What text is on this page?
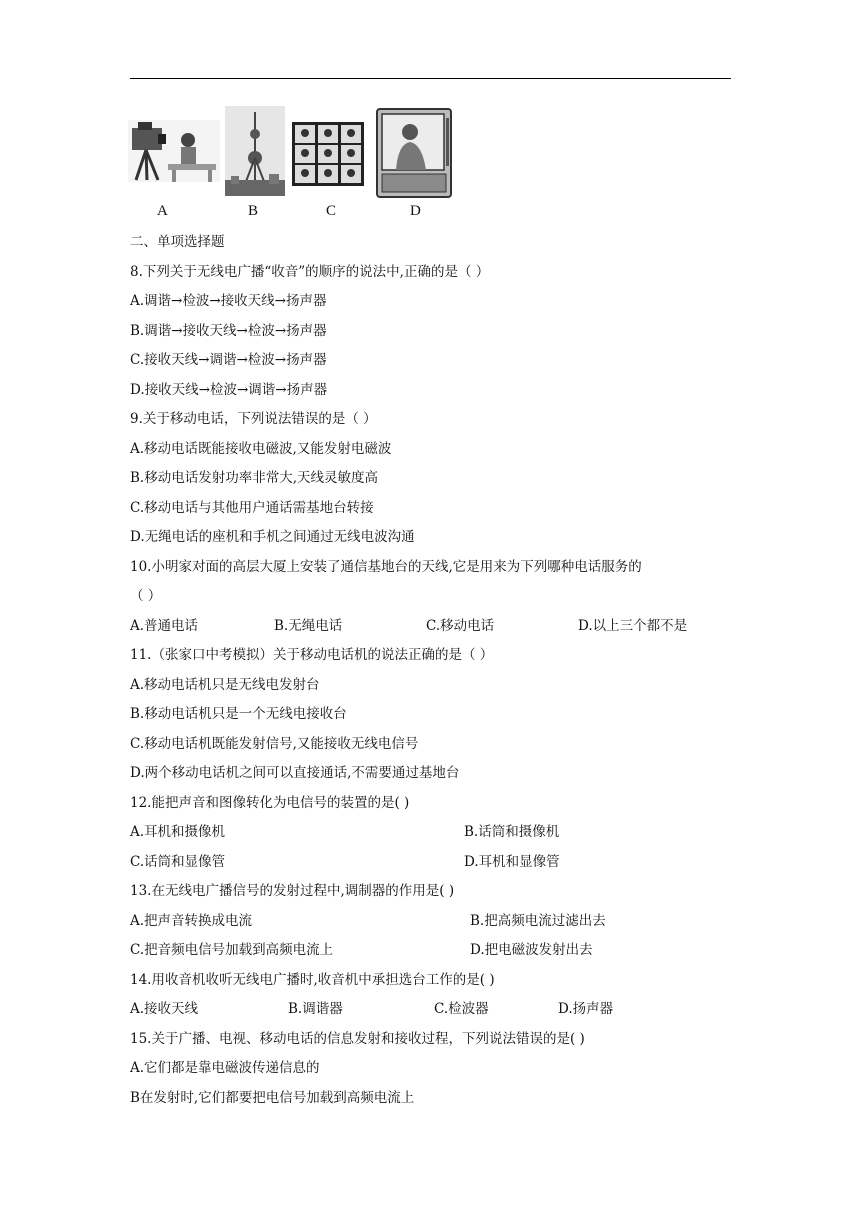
A	B	C	D
二、单项选择题
8.下列关于无线电广播“收音”的顺序的说法中,正确的是（ ）
A.调谐→检波→接收天线→扬声器
B.调谐→接收天线→检波→扬声器
C.接收天线→调谐→检波→扬声器
D.接收天线→检波→调谐→扬声器
9.关于移动电话，下列说法错误的是（ ）
A.移动电话既能接收电磁波,又能发射电磁波
B.移动电话发射功率非常大,天线灵敏度高
C.移动电话与其他用户通话需基地台转接
D.无绳电话的座机和手机之间通过无线电波沟通
10.小明家对面的高层大厦上安装了通信基地台的天线,它是用来为下列哪种电话服务的
（ ）
A.普通电话	B.无绳电话	C.移动电话	D.以上三个都不是
11.（张家口中考模拟）关于移动电话机的说法正确的是（ ）
A.移动电话机只是无线电发射台
B.移动电话机只是一个无线电接收台
C.移动电话机既能发射信号,又能接收无线电信号
D.两个移动电话机之间可以直接通话,不需要通过基地台
12.能把声音和图像转化为电信号的装置的是( )
A.耳机和摄像机	B.话筒和摄像机
C.话筒和显像管	D.耳机和显像管
13.在无线电广播信号的发射过程中,调制器的作用是( )
A.把声音转换成电流	B.把高频电流过滤出去
C.把音频电信号加载到高频电流上	D.把电磁波发射出去
14.用收音机收听无线电广播时,收音机中承担选台工作的是( )
A.接收天线	B.调谐器	C.检波器	D.扬声器
15.关于广播、电视、移动电话的信息发射和接收过程，下列说法错误的是( )
A.它们都是靠电磁波传递信息的
B在发射时,它们都要把电信号加载到高频电流上
